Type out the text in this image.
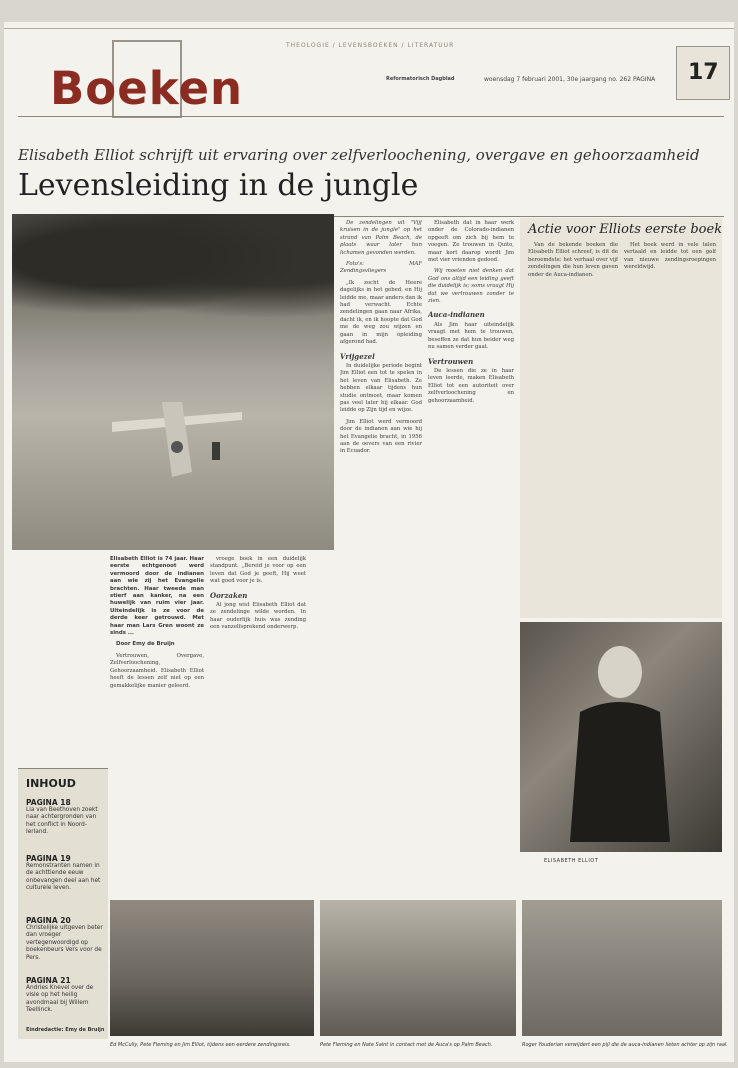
THEOLOGIE / LEVENSBOEKEN / LITERATUUR
Boeken	Reformatorisch Dagblad	woensdag 7 februari 2001, 30e jaargang no. 262 PAGINA 17
Elisabeth Elliot schrijft uit ervaring over zelfverloochening, overgave en gehoorzaamheid
Levensleiding in de jungle

De zendelingen uit "Vijf kruisen in de jungle" op het strand van Palm Beach, de plaats waar later hun lichamen gevonden werden.

Foto's: MAF Zendingsvliegers

„Ik zocht de Heere dagelijks in het gebed, en Hij leidde me, maar anders dan ik had verwacht. Echte zendelingen gaan naar Afrika, dacht ik, en ik hoopte dat God me de weg zou wijzen en gaan in mijn opleiding afgerond had.

Vrijgezel

In duidelijke periode begint Jim Elliot een tot te spelen in het leven van Elisabeth. Ze hebben elkaar tijdens hun studie ontmoet, maar komen pas veel later bij elkaar. God leidde op Zijn tijd en wijze.

Jim Elliot werd vermoord door de indianen aan wie hij het Evangelie bracht, in 1956 aan de oevers van een rivier in Ecuador.

Elisabeth dat in haar werk onder de Colorado-indianen opgeeft om zich bij hem te voegen. Ze trouwen in Quito, maar kort daarop wordt Jim met vier vrienden gedood.

Wij moeten niet denken dat God ons altijd een leiding geeft die duidelijk is; soms vraagt Hij dat we vertrouwen zonder te zien.

Auca-indianen

Als Jim haar uiteindelijk vraagt met hem te trouwen, beseffen ze dat hun beider weg nu samen verder gaat.

Vertrouwen

De lessen die ze in haar leven leerde, maken Elisabeth Elliot tot een autoriteit over zelfverloochening en gehoorzaamheid.

Elisabeth Elliot is 74 jaar. Haar eerste echtgenoot werd vermoord door de indianen aan wie zij het Evangelie brachten. Haar tweede man stierf aan kanker, na een huwelijk van ruim vier jaar. Uiteindelijk is ze voor de derde keer getrouwd. Met haar man Lars Gren woont ze sinds ...

Door Emy de Bruijn

Vertrouwen, Overgave, Zelfverloochening, Gehoorzaamheid. Elisabeth Elliot heeft de lessen zelf niet op een gemakkelijke manier geleerd.

vroege boek in een duidelijk standpunt. „Bereid je voor op een leven dat God je geeft, Hij weet wat goed voor je is.

Oorzaken

Al jong wist Elisabeth Elliot dat ze zendelinge wilde worden. In haar ouderlijk huis was zending een vanzelfsprekend onderwerp.

INHOUD
PAGINA 18
Lia van Beethoven zoekt naar achtergronden van het conflict in Noord-Ierland.
PAGINA 19
Remonstranten namen in de achttiende eeuw onbevangen deel aan het culturele leven.
PAGINA 20
Christelijke uitgeven beter dan vroeger vertegenwoordigd op boekenbeurs Vers voor de Pers.
PAGINA 21
Andries Knevel over de visie op het heilig avondmaal bij Willem Teellinck.
Eindredactie: Emy de Bruijn
Actie voor Elliots eerste boek

Van de bekende boeken die Elisabeth Elliot schreef, is dit de beroemdste: het verhaal over vijf zendelingen die hun leven gaven onder de Auca-indianen.

Het boek werd in vele talen vertaald en leidde tot een golf van nieuwe zendingsroepingen wereldwijd.

ELISABETH ELLIOT
Ed McCully, Pete Fleming en Jim Elliot, tijdens een eerdere zendingsreis.	Pete Fleming en Nate Saint in contact met de Auca's op Palm Beach.	Roger Youderian verwijdert een pijl die de auca-indianen lieten achter op zijn raal.
